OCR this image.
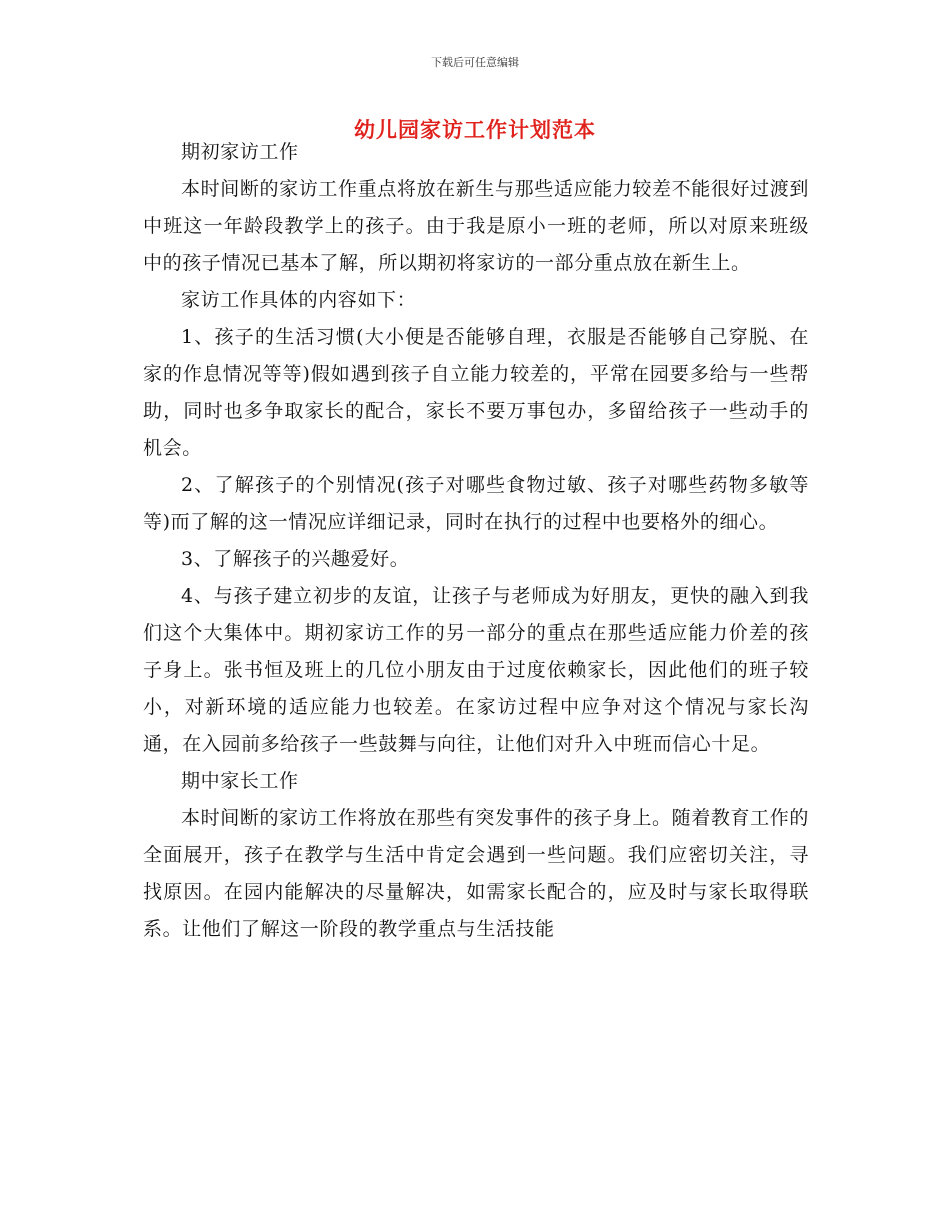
下载后可任意编辑
幼儿园家访工作计划范本

期初家访工作

本时间断的家访工作重点将放在新生与那些适应能力较差不能很好过渡到中班这一年龄段教学上的孩子。由于我是原小一班的老师，所以对原来班级中的孩子情况已基本了解，所以期初将家访的一部分重点放在新生上。

家访工作具体的内容如下：

1、孩子的生活习惯(大小便是否能够自理，衣服是否能够自己穿脱、在家的作息情况等等)假如遇到孩子自立能力较差的，平常在园要多给与一些帮助，同时也多争取家长的配合，家长不要万事包办，多留给孩子一些动手的机会。

2、了解孩子的个别情况(孩子对哪些食物过敏、孩子对哪些药物多敏等等)而了解的这一情况应详细记录，同时在执行的过程中也要格外的细心。

3、了解孩子的兴趣爱好。

4、与孩子建立初步的友谊，让孩子与老师成为好朋友，更快的融入到我们这个大集体中。期初家访工作的另一部分的重点在那些适应能力价差的孩子身上。张书恒及班上的几位小朋友由于过度依赖家长，因此他们的班子较小，对新环境的适应能力也较差。在家访过程中应争对这个情况与家长沟通，在入园前多给孩子一些鼓舞与向往，让他们对升入中班而信心十足。

期中家长工作

本时间断的家访工作将放在那些有突发事件的孩子身上。随着教育工作的全面展开，孩子在教学与生活中肯定会遇到一些问题。我们应密切关注，寻找原因。在园内能解决的尽量解决，如需家长配合的，应及时与家长取得联系。让他们了解这一阶段的教学重点与生活技能
